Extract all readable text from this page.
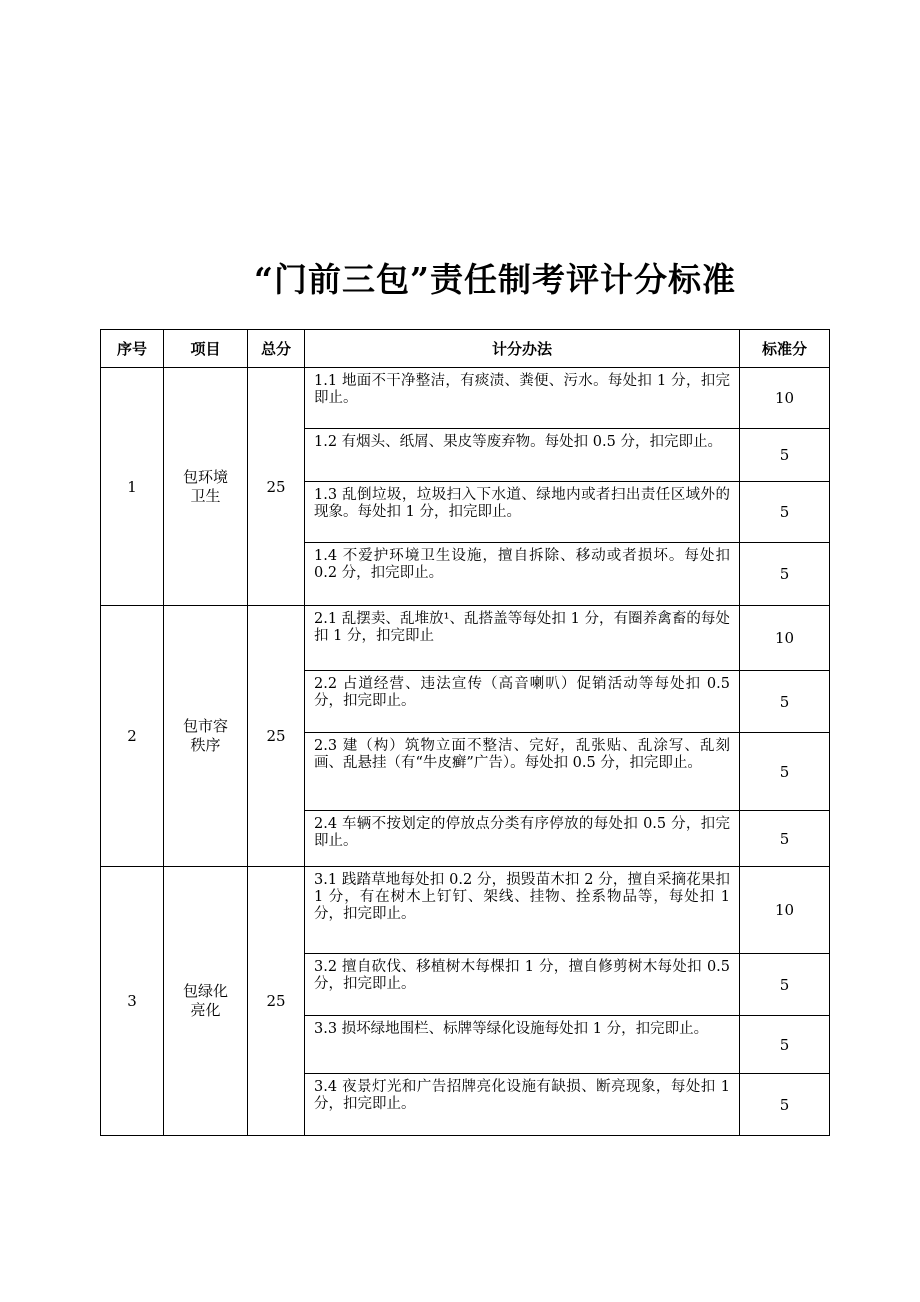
“门前三包”责任制考评计分标准
序号	项目	总分	计分办法	标准分
1	包环境卫生	25	1.1 地面不干净整洁，有痰渍、粪便、污水。每处扣 1 分，扣完即止。	10
			1.2 有烟头、纸屑、果皮等废弃物。每处扣 0.5 分，扣完即止。	5
			1.3 乱倒垃圾，垃圾扫入下水道、绿地内或者扫出责任区域外的现象。每处扣 1 分，扣完即止。	5
			1.4 不爱护环境卫生设施，擅自拆除、移动或者损坏。每处扣 0.2 分，扣完即止。	5
2	包市容秩序	25	2.1 乱摆卖、乱堆放¹、乱搭盖等每处扣 1 分，有圈养禽畜的每处扣 1 分，扣完即止	10
			2.2 占道经营、违法宣传（高音喇叭）促销活动等每处扣 0.5 分，扣完即止。	5
			2.3 建（构）筑物立面不整洁、完好，乱张贴、乱涂写、乱刻画、乱悬挂（有“牛皮癣”广告）。每处扣 0.5 分，扣完即止。	5
			2.4 车辆不按划定的停放点分类有序停放的每处扣 0.5 分，扣完即止。	5
3	包绿化亮化	25	3.1 践踏草地每处扣 0.2 分，损毁苗木扣 2 分，擅自采摘花果扣 1 分，有在树木上钉钉、架线、挂物、拴系物品等，每处扣 1 分，扣完即止。	10
			3.2 擅自砍伐、移植树木每棵扣 1 分，擅自修剪树木每处扣 0.5 分，扣完即止。	5
			3.3 损坏绿地围栏、标牌等绿化设施每处扣 1 分，扣完即止。	5
			3.4 夜景灯光和广告招牌亮化设施有缺损、断亮现象，每处扣 1 分，扣完即止。	5
